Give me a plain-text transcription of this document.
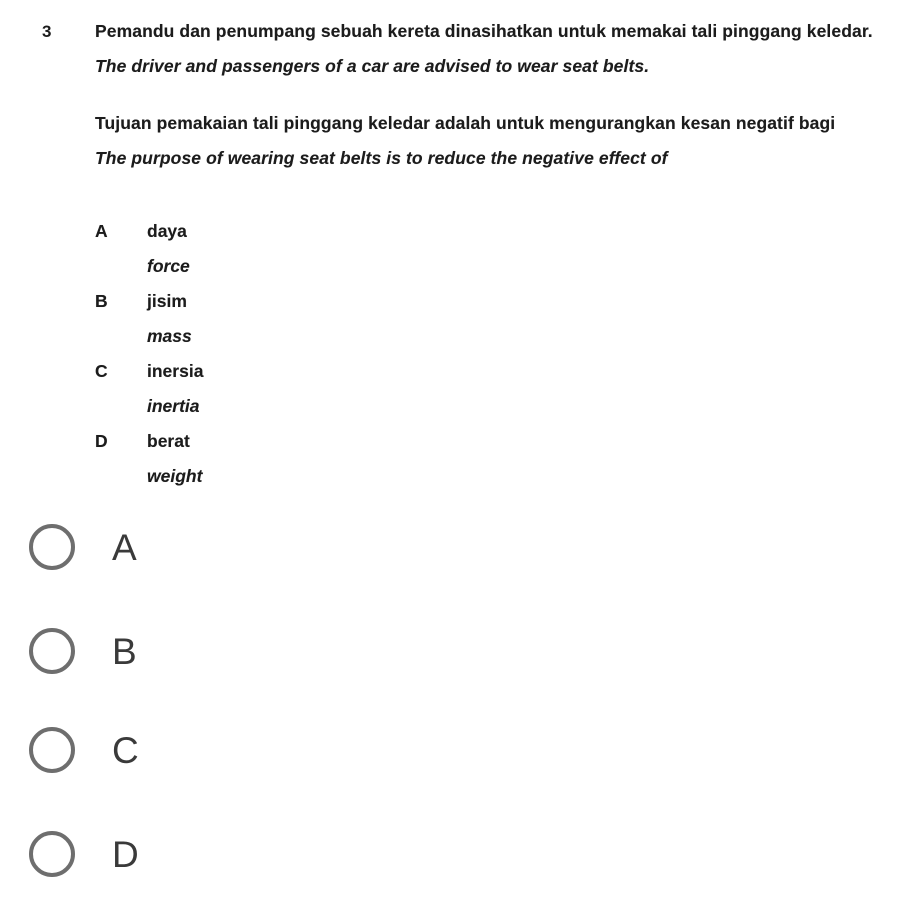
3	Pemandu dan penumpang sebuah kereta dinasihatkan untuk memakai tali pinggang keledar.

The driver and passengers of a car are advised to wear seat belts.

Tujuan pemakaian tali pinggang keledar adalah untuk mengurangkan kesan negatif bagi

The purpose of wearing seat belts is to reduce the negative effect of

A	daya
force
B	jisim
mass
C	inersia
inertia
D	berat
weight
A
B
C
D
